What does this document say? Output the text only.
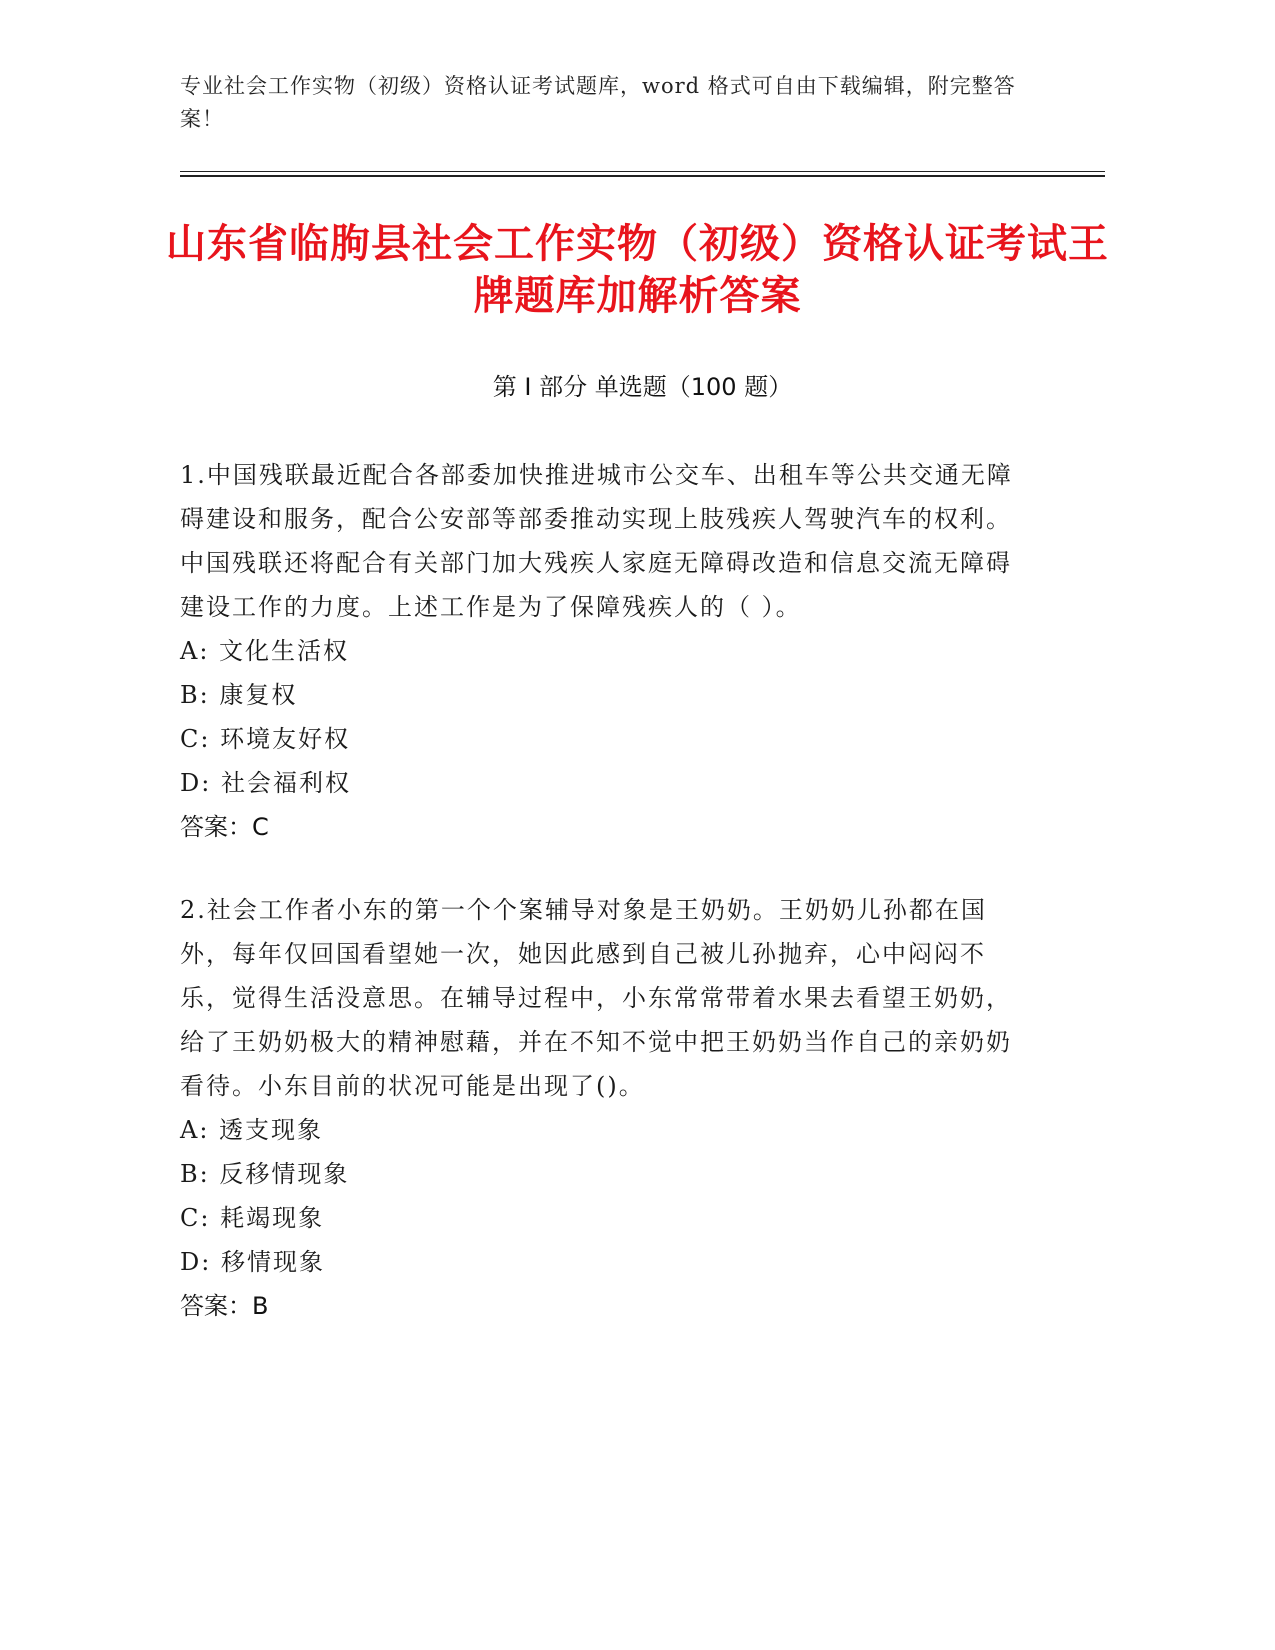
专业社会工作实物（初级）资格认证考试题库，word 格式可自由下载编辑，附完整答案！
山东省临朐县社会工作实物（初级）资格认证考试王牌题库加解析答案
第 I 部分 单选题（100 题）

1.中国残联最近配合各部委加快推进城市公交车、出租车等公共交通无障碍建设和服务，配合公安部等部委推动实现上肢残疾人驾驶汽车的权利。中国残联还将配合有关部门加大残疾人家庭无障碍改造和信息交流无障碍建设工作的力度。上述工作是为了保障残疾人的（ ）。

A: 文化生活权

B: 康复权

C: 环境友好权

D: 社会福利权

答案：C

2.社会工作者小东的第一个个案辅导对象是王奶奶。王奶奶儿孙都在国外，每年仅回国看望她一次，她因此感到自己被儿孙抛弃，心中闷闷不乐，觉得生活没意思。在辅导过程中，小东常常带着水果去看望王奶奶，给了王奶奶极大的精神慰藉，并在不知不觉中把王奶奶当作自己的亲奶奶看待。小东目前的状况可能是出现了()。

A: 透支现象

B: 反移情现象

C: 耗竭现象

D: 移情现象

答案：B
